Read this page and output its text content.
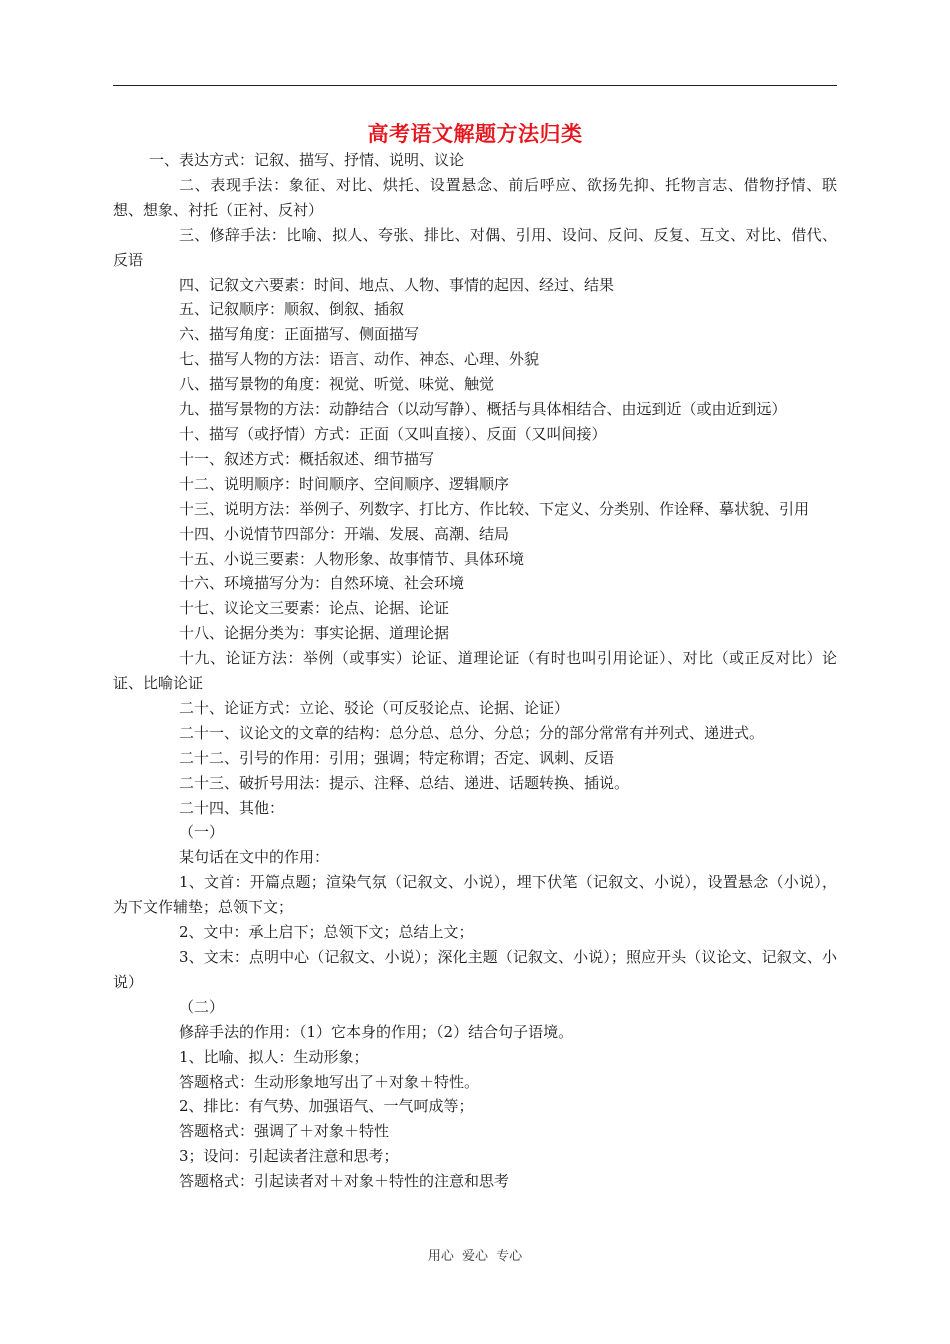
高考语文解题方法归类

一、表达方式：记叙、描写、抒情、说明、议论

二、表现手法：象征、对比、烘托、设置悬念、前后呼应、欲扬先抑、托物言志、借物抒情、联想、想象、衬托（正衬、反衬）

三、修辞手法：比喻、拟人、夸张、排比、对偶、引用、设问、反问、反复、互文、对比、借代、反语

四、记叙文六要素：时间、地点、人物、事情的起因、经过、结果

五、记叙顺序：顺叙、倒叙、插叙

六、描写角度：正面描写、侧面描写

七、描写人物的方法：语言、动作、神态、心理、外貌

八、描写景物的角度：视觉、听觉、味觉、触觉

九、描写景物的方法：动静结合（以动写静）、概括与具体相结合、由远到近（或由近到远）

十、描写（或抒情）方式：正面（又叫直接）、反面（又叫间接）

十一、叙述方式：概括叙述、细节描写

十二、说明顺序：时间顺序、空间顺序、逻辑顺序

十三、说明方法：举例子、列数字、打比方、作比较、下定义、分类别、作诠释、摹状貌、引用

十四、小说情节四部分：开端、发展、高潮、结局

十五、小说三要素：人物形象、故事情节、具体环境

十六、环境描写分为：自然环境、社会环境

十七、议论文三要素：论点、论据、论证

十八、论据分类为：事实论据、道理论据

十九、论证方法：举例（或事实）论证、道理论证（有时也叫引用论证）、对比（或正反对比）论证、比喻论证

二十、论证方式：立论、驳论（可反驳论点、论据、论证）

二十一、议论文的文章的结构：总分总、总分、分总；分的部分常常有并列式、递进式。

二十二、引号的作用：引用；强调；特定称谓；否定、讽刺、反语

二十三、破折号用法：提示、注释、总结、递进、话题转换、插说。

二十四、其他：

（一）

某句话在文中的作用：

1、文首：开篇点题；渲染气氛（记叙文、小说），埋下伏笔（记叙文、小说），设置悬念（小说），为下文作辅垫；总领下文；

2、文中：承上启下；总领下文；总结上文；

3、文末：点明中心（记叙文、小说）；深化主题（记叙文、小说）；照应开头（议论文、记叙文、小说）

（二）

修辞手法的作用：（1）它本身的作用；（2）结合句子语境。

1、比喻、拟人：生动形象；

答题格式：生动形象地写出了＋对象＋特性。

2、排比：有气势、加强语气、一气呵成等；

答题格式：强调了＋对象＋特性

3；设问：引起读者注意和思考；

答题格式：引起读者对＋对象＋特性的注意和思考

用心 爱心 专心
